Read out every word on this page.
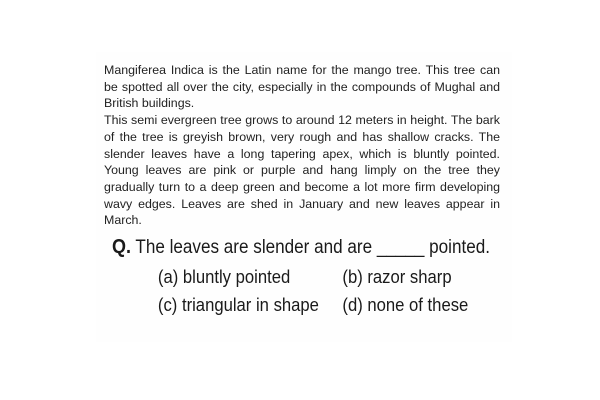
Mangiferea Indica is the Latin name for the mango tree. This tree can be spotted all over the city, especially in the compounds of Mughal and British buildings.

This semi evergreen tree grows to around 12 meters in height. The bark of the tree is greyish brown, very rough and has shallow cracks. The slender leaves have a long tapering apex, which is bluntly pointed. Young leaves are pink or purple and hang limply on the tree they gradually turn to a deep green and become a lot more firm developing wavy edges. Leaves are shed in January and new leaves appear in March.

Q. The leaves are slender and are _____ pointed.
(a) bluntly pointed	(b) razor sharp
(c) triangular in shape	(d) none of these
